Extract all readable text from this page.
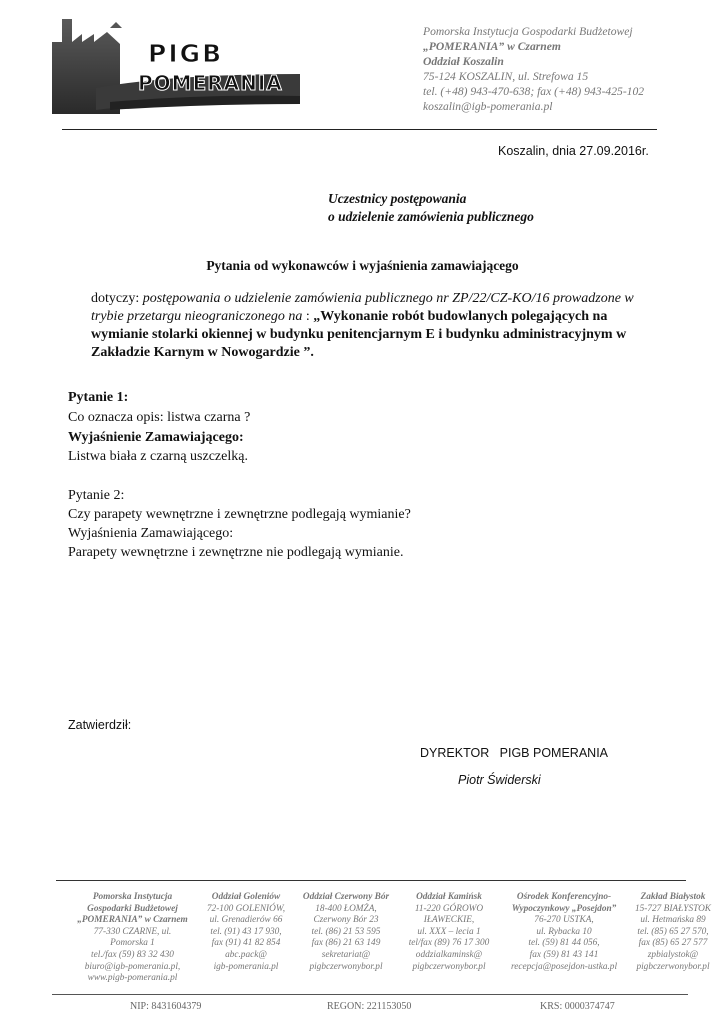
PIGB
POMERANIA
Pomorska Instytucja Gospodarki Budżetowej
„POMERANIA” w Czarnem
Oddział Koszalin
75-124 KOSZALIN, ul. Strefowa 15
tel. (+48) 943-470-638; fax (+48) 943-425-102
koszalin@igb-pomerania.pl
Koszalin, dnia 27.09.2016r.
Uczestnicy postępowania
o udzielenie zamówienia publicznego
Pytania od wykonawców i wyjaśnienia zamawiającego
dotyczy: postępowania o udzielenie zamówienia publicznego nr ZP/22/CZ-KO/16 prowadzone w trybie przetargu nieograniczonego na : „Wykonanie robót budowlanych polegających na wymianie stolarki okiennej w budynku penitencjarnym E i budynku administracyjnym w Zakładzie Karnym w Nowogardzie ”.
Pytanie 1:
Co oznacza opis: listwa czarna ?
Wyjaśnienie Zamawiającego:
Listwa biała z czarną uszczelką.
Pytanie 2:
Czy parapety wewnętrzne i zewnętrzne podlegają wymianie?
Wyjaśnienia Zamawiającego:
Parapety wewnętrzne i zewnętrzne nie podlegają wymianie.
Zatwierdził:
DYREKTOR   PIGB POMERANIA
Piotr Świderski
Pomorska Instytucja
Gospodarki Budżetowej
„POMERANIA” w Czarnem
77-330 CZARNE, ul.
Pomorska 1
tel./fax (59) 83 32 430
biuro@igb-pomerania.pl,
www.pigb-pomerania.pl
Oddział Goleniów
72-100 GOLENIÓW,
ul. Grenadierów 66
tel. (91) 43 17 930,
fax (91) 41 82 854
abc.pack@
igb-pomerania.pl
Oddział Czerwony Bór
18-400 ŁOMŻA,
Czerwony Bór 23
tel. (86) 21 53 595
fax (86) 21 63 149
sekretariat@
pigbczerwonybor.pl
Oddział Kamińsk
11-220 GÓROWO
IŁAWECKIE,
ul. XXX – lecia 1
tel/fax (89) 76 17 300
oddzialkaminsk@
pigbczerwonybor.pl
Ośrodek Konferencyjno-
Wypoczynkowy „Posejdon”
76-270 USTKA,
ul. Rybacka 10
tel. (59) 81 44 056,
fax (59) 81 43 141
recepcja@posejdon-ustka.pl
Zakład Białystok
15-727 BIAŁYSTOK
ul. Hetmańska 89
tel. (85) 65 27 570,
fax (85) 65 27 577
zpbialystok@
pigbczerwonybor.pl
NIP: 8431604379	REGON: 221153050	KRS: 0000374747
